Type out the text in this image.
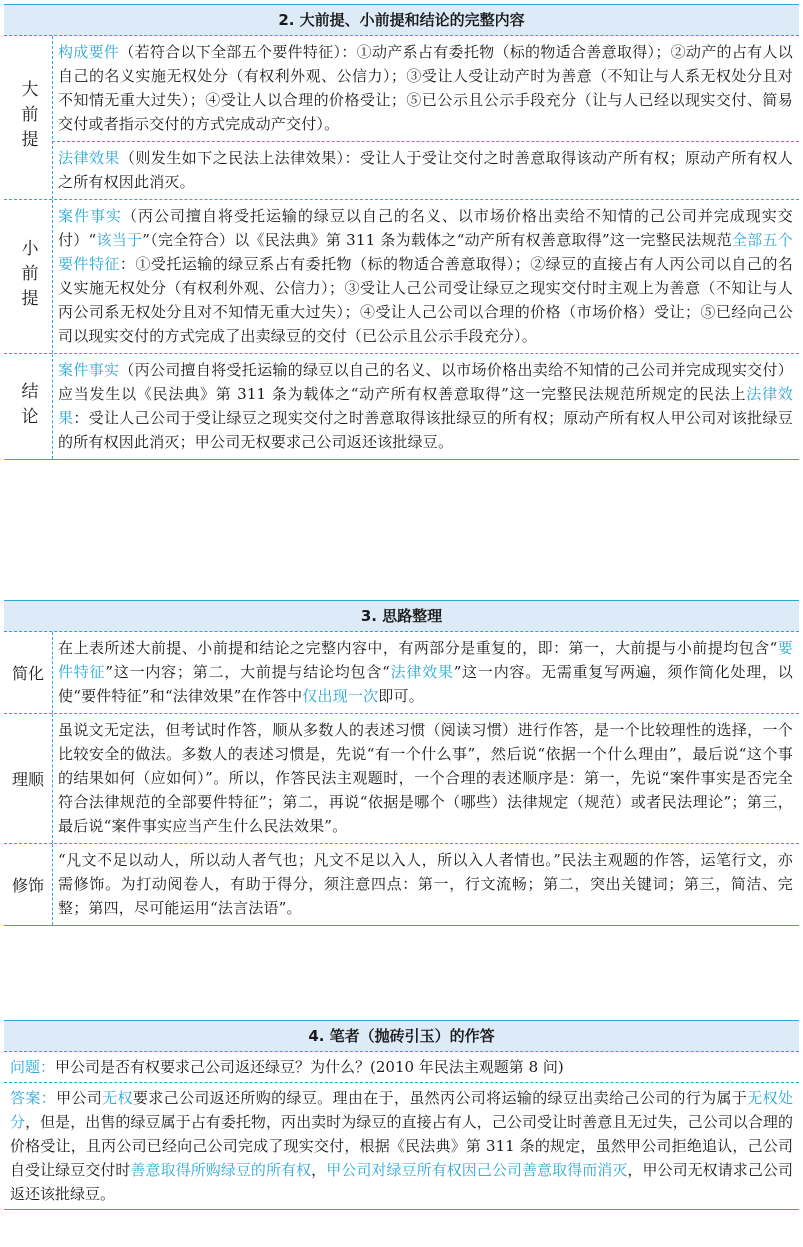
2. 大前提、小前提和结论的完整内容
大前提
构成要件（若符合以下全部五个要件特征）：①动产系占有委托物（标的物适合善意取得）；②动产的占有人以自己的名义实施无权处分（有权利外观、公信力）；③受让人受让动产时为善意（不知让与人系无权处分且对不知情无重大过失）；④受让人以合理的价格受让；⑤已公示且公示手段充分（让与人已经以现实交付、简易交付或者指示交付的方式完成动产交付）。
法律效果（则发生如下之民法上法律效果）：受让人于受让交付之时善意取得该动产所有权；原动产所有权人之所有权因此消灭。
小前提
案件事实（丙公司擅自将受托运输的绿豆以自己的名义、以市场价格出卖给不知情的己公司并完成现实交付）“该当于”（完全符合）以《民法典》第 311 条为载体之“动产所有权善意取得”这一完整民法规范全部五个要件特征：①受托运输的绿豆系占有委托物（标的物适合善意取得）；②绿豆的直接占有人丙公司以自己的名义实施无权处分（有权利外观、公信力）；③受让人己公司受让绿豆之现实交付时主观上为善意（不知让与人丙公司系无权处分且对不知情无重大过失）；④受让人己公司以合理的价格（市场价格）受让；⑤已经向己公司以现实交付的方式完成了出卖绿豆的交付（已公示且公示手段充分）。
结论
案件事实（丙公司擅自将受托运输的绿豆以自己的名义、以市场价格出卖给不知情的己公司并完成现实交付）应当发生以《民法典》第 311 条为载体之“动产所有权善意取得”这一完整民法规范所规定的民法上法律效果：受让人己公司于受让绿豆之现实交付之时善意取得该批绿豆的所有权；原动产所有权人甲公司对该批绿豆的所有权因此消灭；甲公司无权要求己公司返还该批绿豆。
3. 思路整理
简化
在上表所述大前提、小前提和结论之完整内容中，有两部分是重复的，即：第一，大前提与小前提均包含“要件特征”这一内容；第二，大前提与结论均包含“法律效果”这一内容。无需重复写两遍，须作简化处理，以使“要件特征”和“法律效果”在作答中仅出现一次即可。
理顺
虽说文无定法，但考试时作答，顺从多数人的表述习惯（阅读习惯）进行作答，是一个比较理性的选择，一个比较安全的做法。多数人的表述习惯是，先说“有一个什么事”，然后说“依据一个什么理由”，最后说“这个事的结果如何（应如何）”。所以，作答民法主观题时，一个合理的表述顺序是：第一，先说“案件事实是否完全符合法律规范的全部要件特征”；第二，再说“依据是哪个（哪些）法律规定（规范）或者民法理论”；第三，最后说“案件事实应当产生什么民法效果”。
修饰
“凡文不足以动人，所以动人者气也；凡文不足以入人，所以入人者情也。”民法主观题的作答，运笔行文，亦需修饰。为打动阅卷人，有助于得分，须注意四点：第一，行文流畅；第二，突出关键词；第三，简洁、完整；第四，尽可能运用“法言法语”。
4. 笔者（抛砖引玉）的作答
问题：甲公司是否有权要求己公司返还绿豆？为什么？(2010 年民法主观题第 8 问)
答案：甲公司无权要求己公司返还所购的绿豆。理由在于，虽然丙公司将运输的绿豆出卖给己公司的行为属于无权处分，但是，出售的绿豆属于占有委托物，丙出卖时为绿豆的直接占有人，己公司受让时善意且无过失，己公司以合理的价格受让，且丙公司已经向己公司完成了现实交付，根据《民法典》第 311 条的规定，虽然甲公司拒绝追认，己公司自受让绿豆交付时善意取得所购绿豆的所有权，甲公司对绿豆所有权因己公司善意取得而消灭，甲公司无权请求己公司返还该批绿豆。
